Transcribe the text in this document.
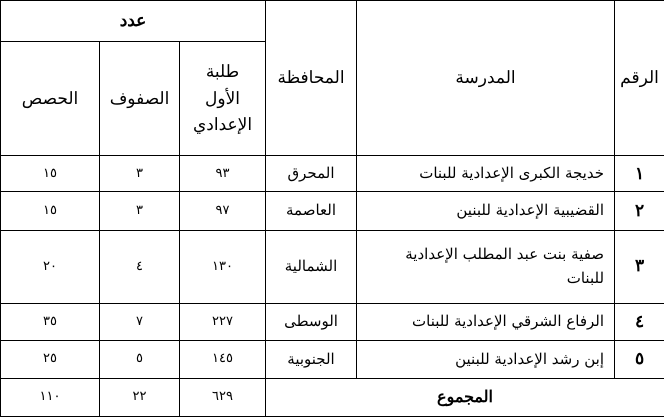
الرقم	المدرسة	المحافظة	عدد		

			طلبة الأول الإعدادي	الصفوف	الحصص
١	خديجة الكبرى الإعدادية للبنات	المحرق	٩٣	٣	١٥
٢	القضيبية الإعدادية للبنين	العاصمة	٩٧	٣	١٥
٣	صفية بنت عبد المطلب الإعدادية للبنات	الشمالية	١٣٠	٤	٢٠
٤	الرفاع الشرقي الإعدادية للبنات	الوسطى	٢٢٧	٧	٣٥
٥	إبن رشد الإعدادية للبنين	الجنوبية	١٤٥	٥	٢٥
المجموع			٦٢٩	٢٢	١١٠
